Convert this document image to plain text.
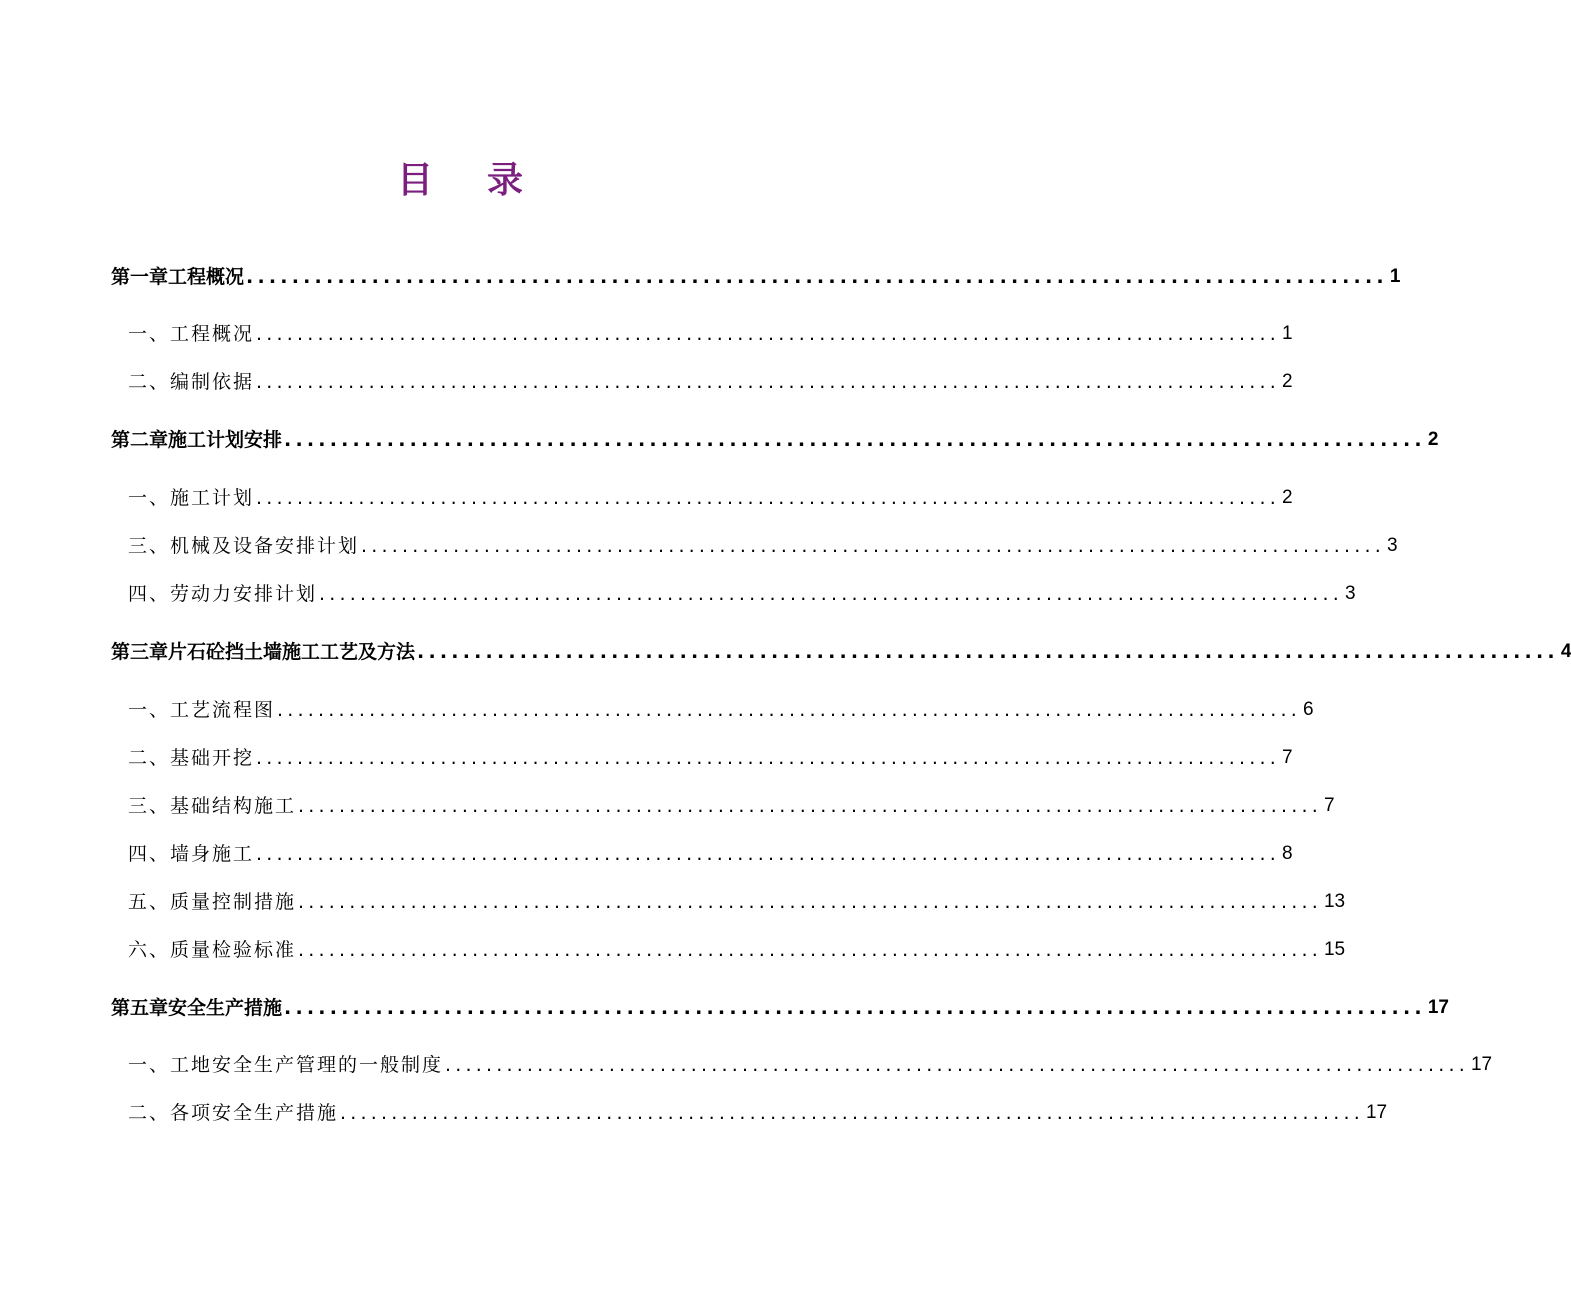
目 录
第一章 工程概况 .................................................................................................... 1
一、工程概况 .................................................................................................... 1
二、编制依据 .................................................................................................... 2
第二章 施工计划安排 .................................................................................................... 2
一、施工计划 .................................................................................................... 2
三、机械及设备安排计划 .................................................................................................... 3
四、劳动力安排计划 .................................................................................................... 3
第三章 片石砼挡土墙施工工艺及方法 .................................................................................................... 4
一、工艺流程图 .................................................................................................... 6
二、基础开挖 .................................................................................................... 7
三、基础结构施工 .................................................................................................... 7
四、墙身施工 .................................................................................................... 8
五、质量控制措施 .................................................................................................... 13
六、质量检验标准 .................................................................................................... 15
第五章 安全生产措施 .................................................................................................... 17
一、工地安全生产管理的一般制度 .................................................................................................... 17
二、各项安全生产措施 .................................................................................................... 17
